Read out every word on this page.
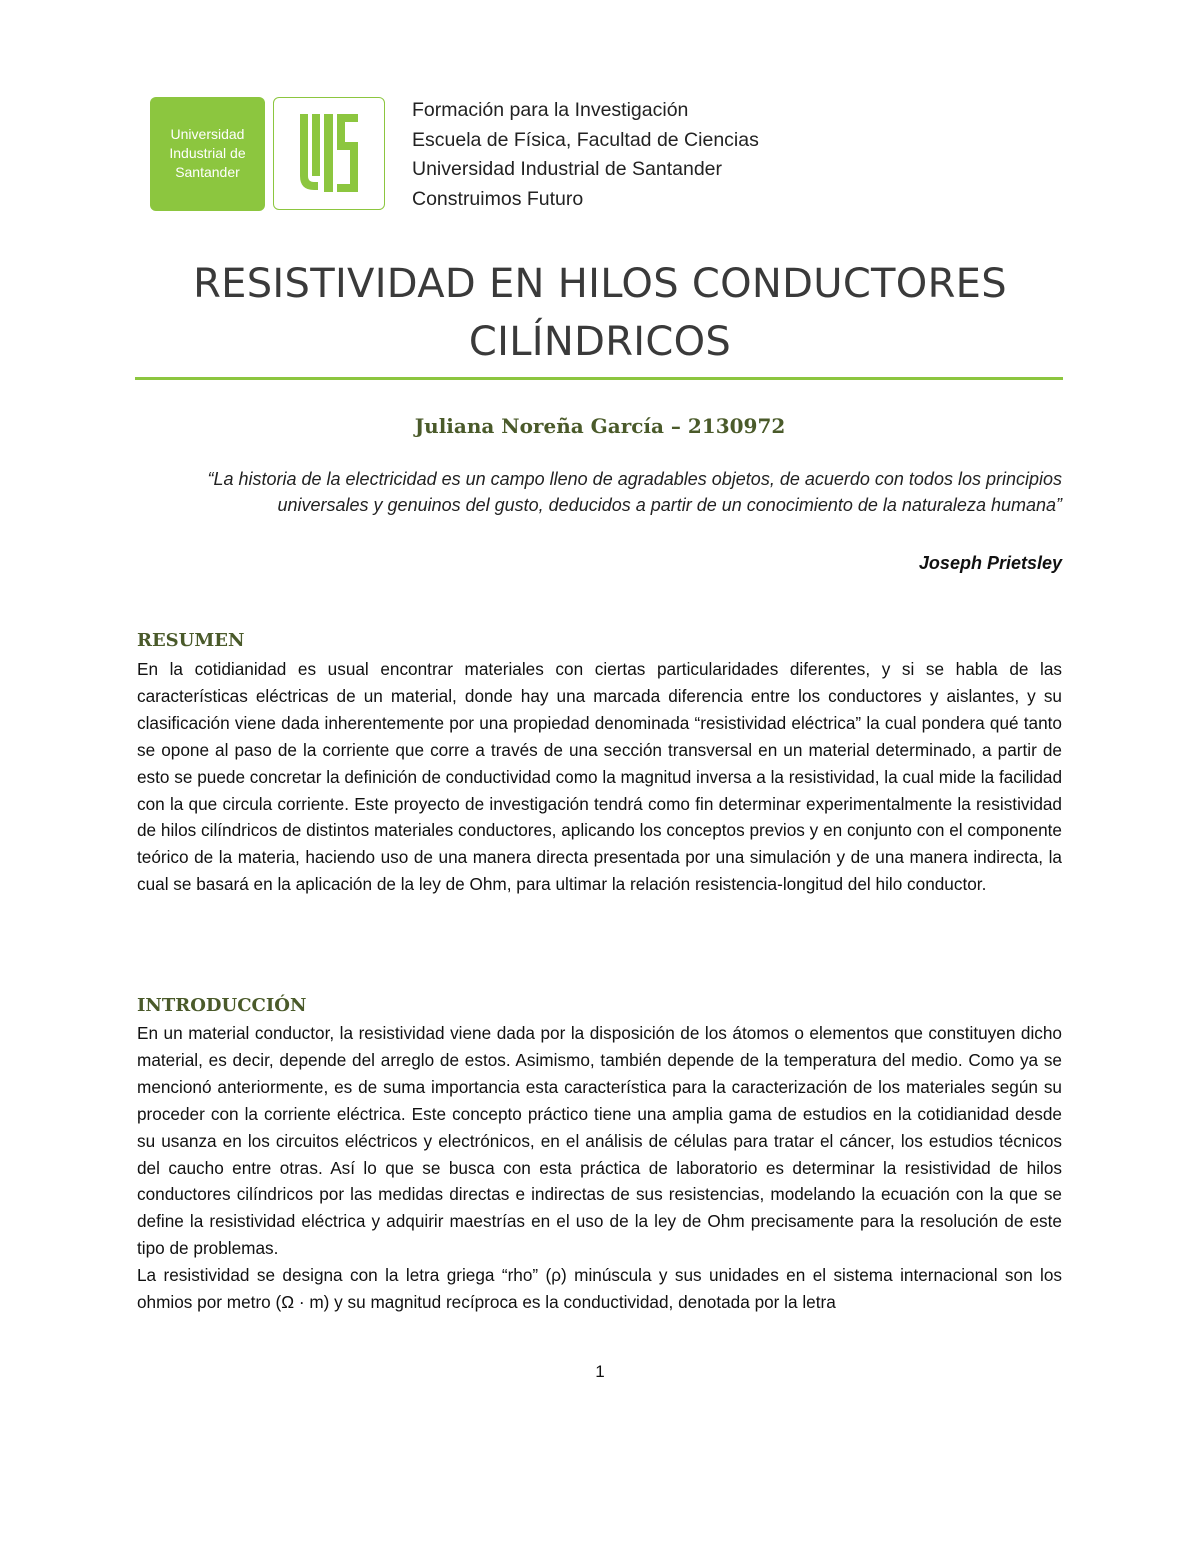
Universidad
Industrial de
Santander
Formación para la Investigación
Escuela de Física, Facultad de Ciencias
Universidad Industrial de Santander
Construimos Futuro
RESISTIVIDAD EN HILOS CONDUCTORES
CILÍNDRICOS
Juliana Noreña García – 2130972
“La historia de la electricidad es un campo lleno de agradables objetos, de acuerdo con todos los principios universales y genuinos del gusto, deducidos a partir de un conocimiento de la naturaleza humana”
Joseph Prietsley
RESUMEN

En la cotidianidad es usual encontrar materiales con ciertas particularidades diferentes, y si se habla de las características eléctricas de un material, donde hay una marcada diferencia entre los conductores y aislantes, y su clasificación viene dada inherentemente por una propiedad denominada “resistividad eléctrica” la cual pondera qué tanto se opone al paso de la corriente que corre a través de una sección transversal en un material determinado, a partir de esto se puede concretar la definición de conductividad como la magnitud inversa a la resistividad, la cual mide la facilidad con la que circula corriente. Este proyecto de investigación tendrá como fin determinar experimentalmente la resistividad de hilos cilíndricos de distintos materiales conductores, aplicando los conceptos previos y en conjunto con el componente teórico de la materia, haciendo uso de una manera directa presentada por una simulación y de una manera indirecta, la cual se basará en la aplicación de la ley de Ohm, para ultimar la relación resistencia-longitud del hilo conductor.

INTRODUCCIÓN

En un material conductor, la resistividad viene dada por la disposición de los átomos o elementos que constituyen dicho material, es decir, depende del arreglo de estos. Asimismo, también depende de la temperatura del medio. Como ya se mencionó anteriormente, es de suma importancia esta característica para la caracterización de los materiales según su proceder con la corriente eléctrica. Este concepto práctico tiene una amplia gama de estudios en la cotidianidad desde su usanza en los circuitos eléctricos y electrónicos, en el análisis de células para tratar el cáncer, los estudios técnicos del caucho entre otras. Así lo que se busca con esta práctica de laboratorio es determinar la resistividad de hilos conductores cilíndricos por las medidas directas e indirectas de sus resistencias, modelando la ecuación con la que se define la resistividad eléctrica y adquirir maestrías en el uso de la ley de Ohm precisamente para la resolución de este tipo de problemas.

La resistividad se designa con la letra griega “rho” (ρ) minúscula y sus unidades en el sistema internacional son los ohmios por metro (Ω · m) y su magnitud recíproca es la conductividad, denotada por la letra

1
